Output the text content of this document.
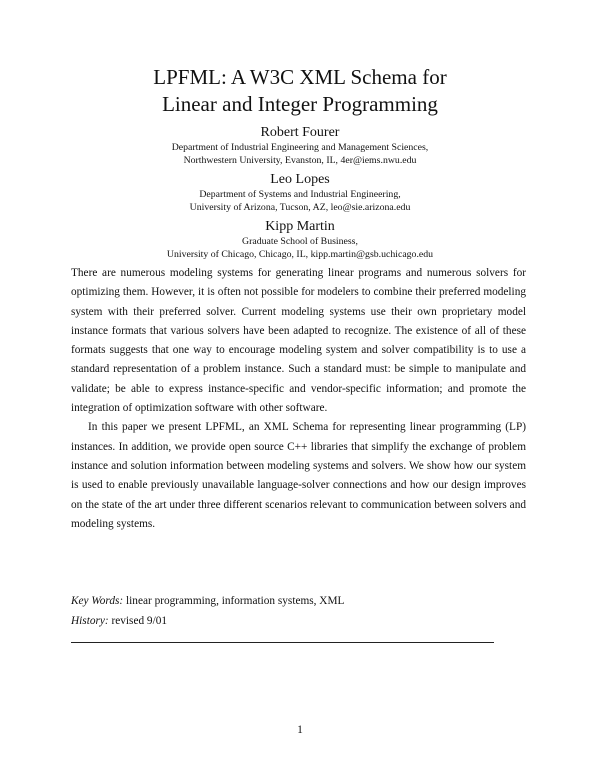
LPFML: A W3C XML Schema for
Linear and Integer Programming
Robert Fourer
Department of Industrial Engineering and Management Sciences,
Northwestern University, Evanston, IL, 4er@iems.nwu.edu
Leo Lopes
Department of Systems and Industrial Engineering,
University of Arizona, Tucson, AZ, leo@sie.arizona.edu
Kipp Martin
Graduate School of Business,
University of Chicago, Chicago, IL, kipp.martin@gsb.uchicago.edu

There are numerous modeling systems for generating linear programs and numerous solvers for optimizing them. However, it is often not possible for modelers to combine their preferred modeling system with their preferred solver. Current modeling systems use their own proprietary model instance formats that various solvers have been adapted to recognize. The existence of all of these formats suggests that one way to encourage modeling system and solver compatibility is to use a standard representation of a problem instance. Such a standard must: be simple to manipulate and validate; be able to express instance-specific and vendor-specific information; and promote the integration of optimization software with other software.

In this paper we present LPFML, an XML Schema for representing linear programming (LP) instances. In addition, we provide open source C++ libraries that simplify the exchange of problem instance and solution information between modeling systems and solvers. We show how our system is used to enable previously unavailable language-solver connections and how our design improves on the state of the art under three different scenarios relevant to communication between solvers and modeling systems.

Key Words: linear programming, information systems, XML
History: revised 9/01
1
